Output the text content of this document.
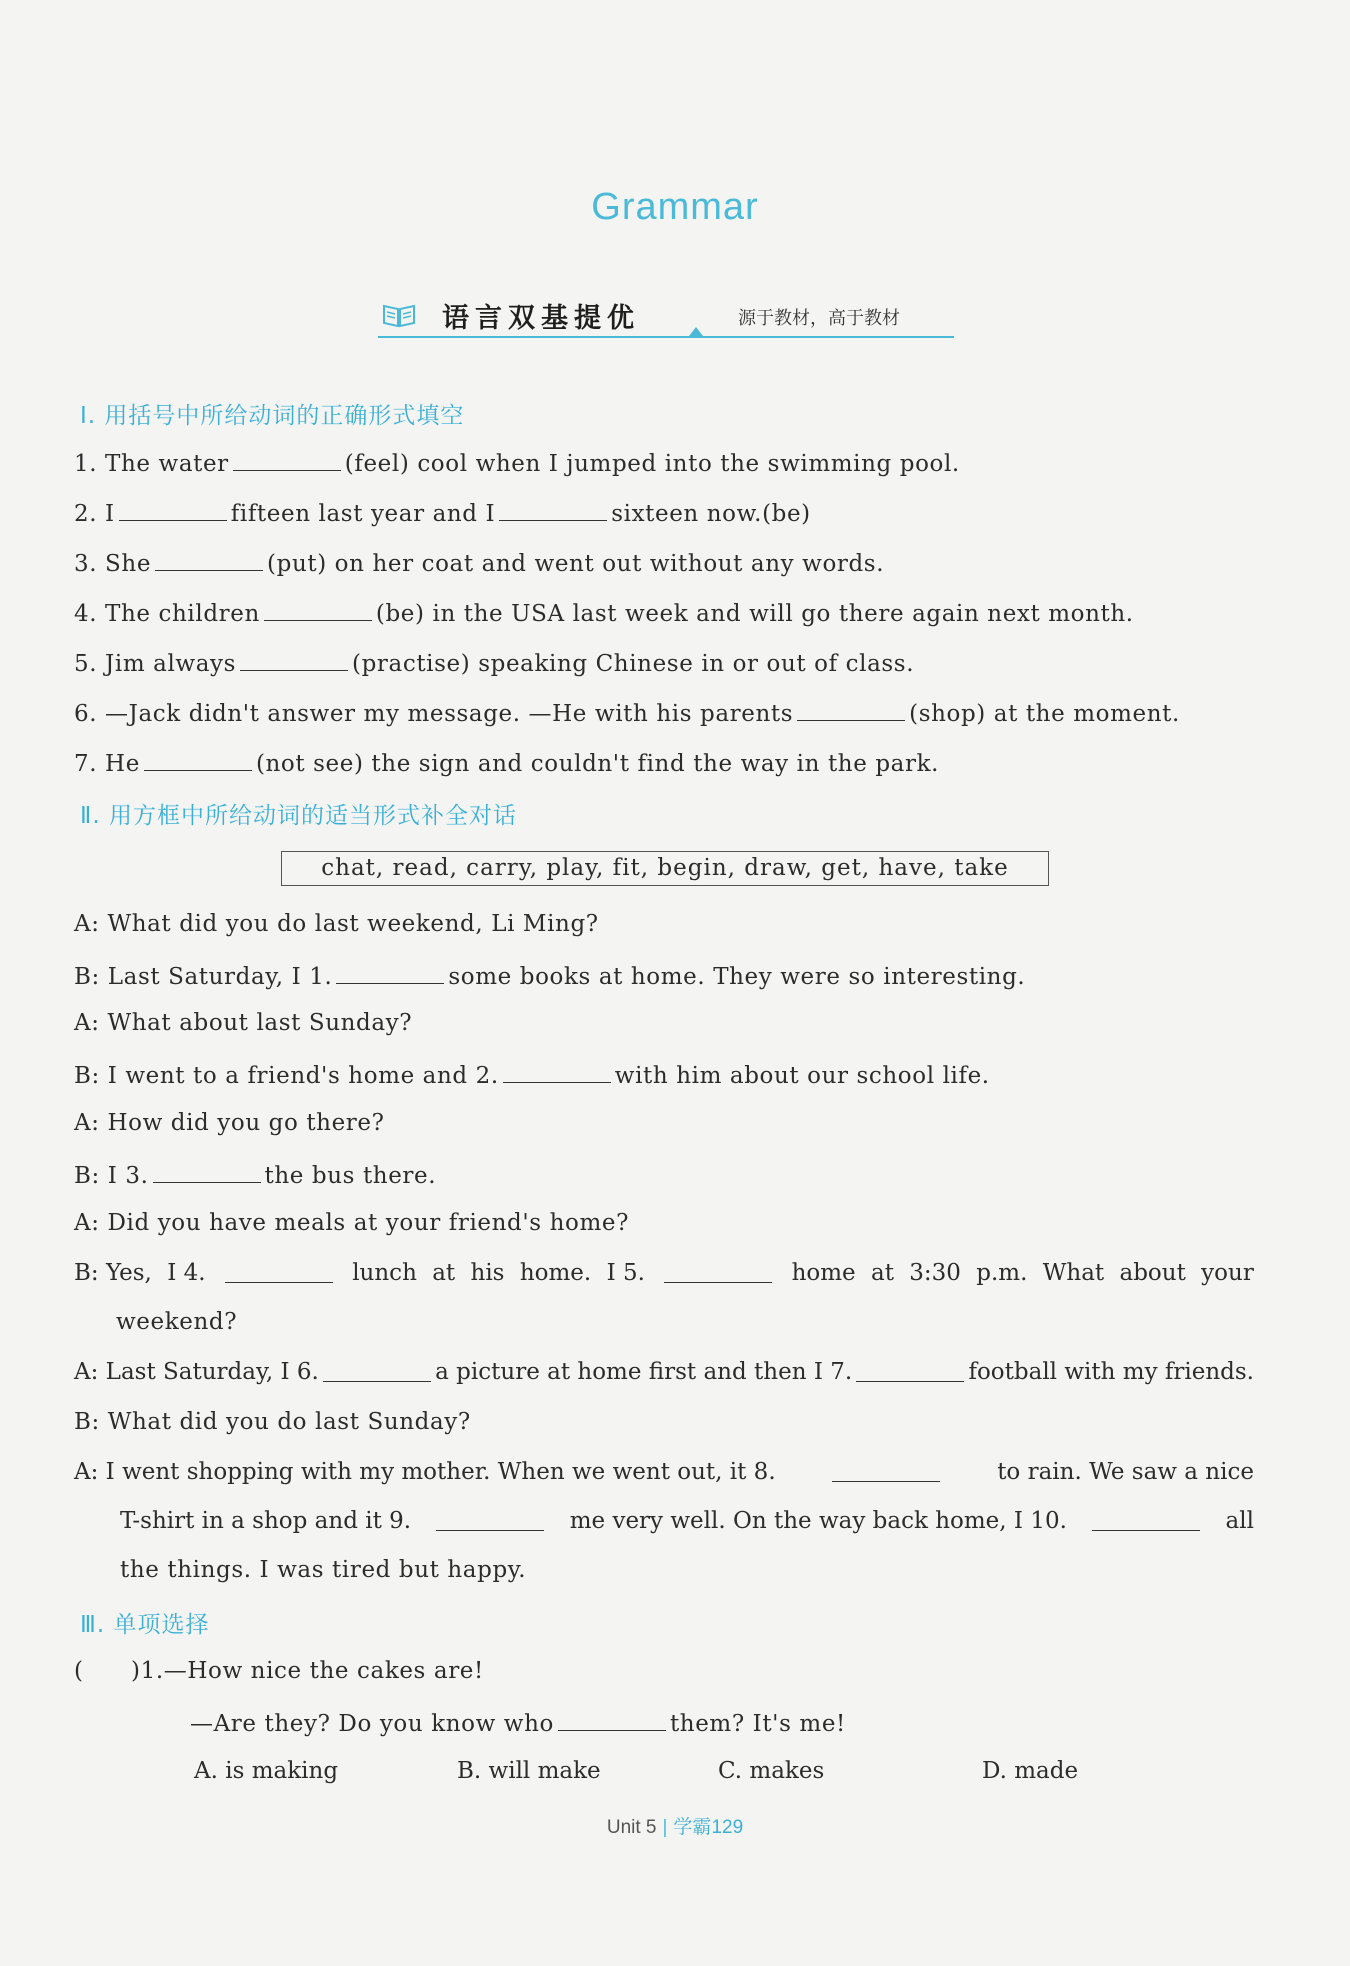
Grammar
语言双基提优	源于教材，高于教材
Ⅰ. 用括号中所给动词的正确形式填空
1. The water	(feel) cool when I jumped into the swimming pool.
2. I	fifteen last year and I	sixteen now.(be)
3. She	(put) on her coat and went out without any words.
4. The children	(be) in the USA last week and will go there again next month.
5. Jim always	(practise) speaking Chinese in or out of class.
6. —Jack didn't answer my message. —He with his parents	(shop) at the moment.
7. He	(not see) the sign and couldn't find the way in the park.
Ⅱ. 用方框中所给动词的适当形式补全对话
chat, read, carry, play, fit, begin, draw, get, have, take
A: What did you do last weekend, Li Ming?
B: Last Saturday, I 1.	some books at home. They were so interesting.
A: What about last Sunday?
B: I went to a friend's home and 2.	with him about our school life.
A: How did you go there?
B: I 3.	the bus there.
A: Did you have meals at your friend's home?
B: Yes, I 4.	lunch at his home. I 5.	home at 3:30 p.m. What about your
weekend?
A: Last Saturday, I 6.	a picture at home first and then I 7.	football with my friends.
B: What did you do last Sunday?
A: I went shopping with my mother. When we went out, it 8.	to rain. We saw a nice
T-shirt in a shop and it 9.	me very well. On the way back home, I 10.	all
the things. I was tired but happy.
Ⅲ. 单项选择
(      )1.—How nice the cakes are!
—Are they? Do you know who	them? It's me!
A. is making	B. will make	C. makes	D. made
Unit 5 | 学霸129
